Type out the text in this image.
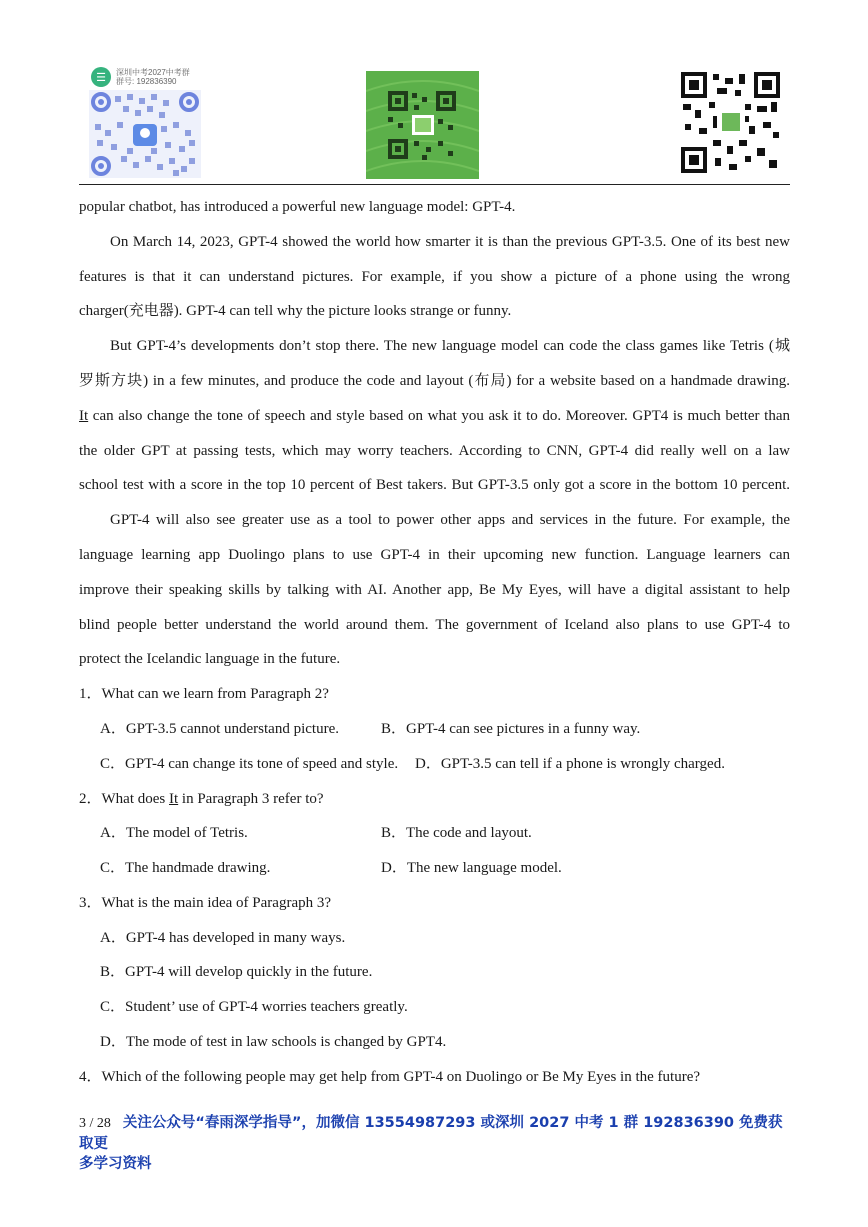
☰	深圳中考2027中考群
群号: 192836390
popular chatbot, has introduced a powerful new language model: GPT-4.
On March 14, 2023, GPT-4 showed the world how smarter it is than the previous GPT-3.5. One of its best new
features is that it can understand pictures. For example, if you show a picture of a phone using the wrong
charger(充电器). GPT-4 can tell why the picture looks strange or funny.
But GPT-4’s developments don’t stop there. The new language model can code the class games like Tetris (城
罗斯方块) in a few minutes, and produce the code and layout (布局) for a website based on a handmade drawing.
It can also change the tone of speech and style based on what you ask it to do. Moreover. GPT4 is much better than
the older GPT at passing tests, which may worry teachers. According to CNN, GPT-4 did really well on a law
school test with a score in the top 10 percent of Best takers. But GPT-3.5 only got a score in the bottom 10 percent.
GPT-4 will also see greater use as a tool to power other apps and services in the future. For example, the
language learning app Duolingo plans to use GPT-4 in their upcoming new function. Language learners can
improve their speaking skills by talking with AI. Another app, Be My Eyes, will have a digital assistant to help
blind people better understand the world around them. The government of Iceland also plans to use GPT-4 to
protect the Icelandic language in the future.
1．What can we learn from Paragraph 2?
A．GPT-3.5 cannot understand picture.	B．GPT-4 can see pictures in a funny way.
C．GPT-4 can change its tone of speed and style. D．GPT-3.5 can tell if a phone is wrongly charged.
2．What does It in Paragraph 3 refer to?
A．The model of Tetris.	B．The code and layout.
C．The handmade drawing.	D．The new language model.
3．What is the main idea of Paragraph 3?
A．GPT-4 has developed in many ways.
B．GPT-4 will develop quickly in the future.
C．Student’ use of GPT-4 worries teachers greatly.
D．The mode of test in law schools is changed by GPT4.
4．Which of the following people may get help from GPT-4 on Duolingo or Be My Eyes in the future?
3 / 28 关注公众号“春雨深学指导”，加微信 13554987293 或深圳 2027 中考 1 群 192836390 免费获取更
多学习资料
